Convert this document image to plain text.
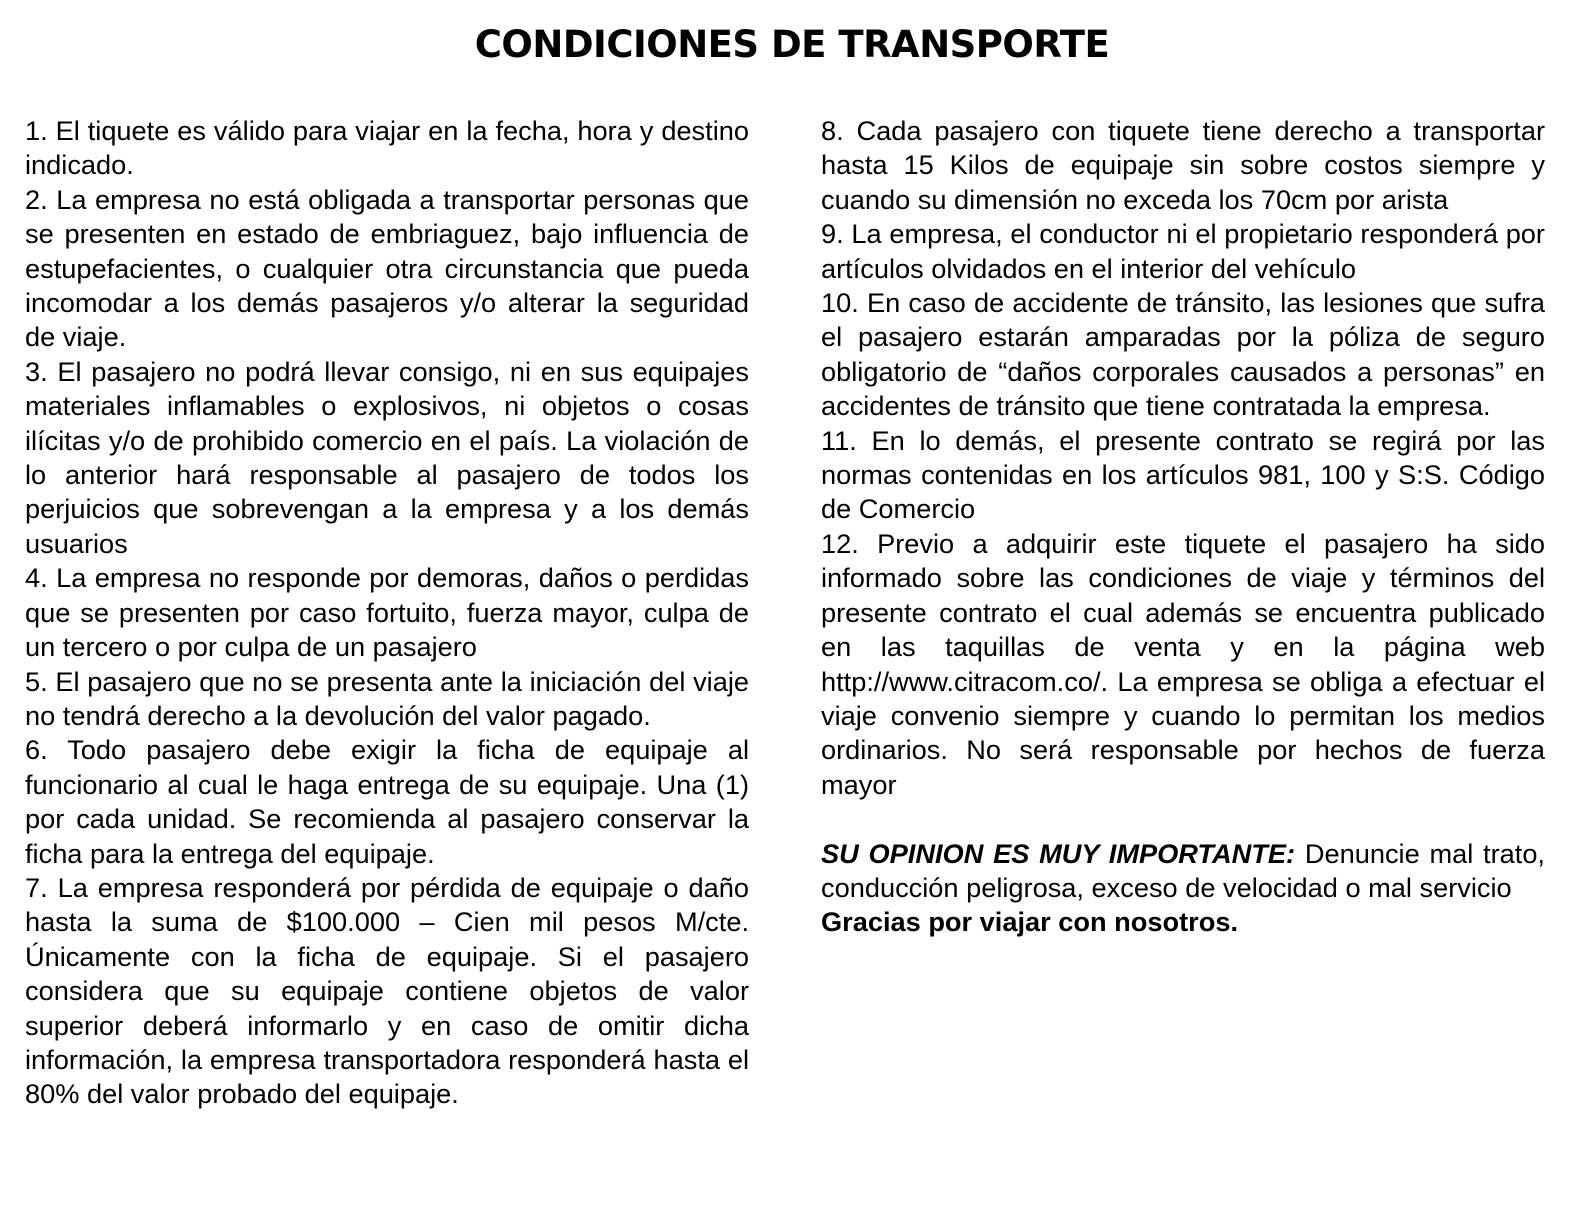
CONDICIONES DE TRANSPORTE

1. El tiquete es válido para viajar en la fecha, hora y destino indicado.

2. La empresa no está obligada a transportar personas que se presenten en estado de embriaguez, bajo influencia de estupefacientes, o cualquier otra circunstancia que pueda incomodar a los demás pasajeros y/o alterar la seguridad de viaje.

3. El pasajero no podrá llevar consigo, ni en sus equipajes materiales inflamables o explosivos, ni objetos o cosas ilícitas y/o de prohibido comercio en el país. La violación de lo anterior hará responsable al pasajero de todos los perjuicios que sobrevengan a la empresa y a los demás usuarios

4. La empresa no responde por demoras, daños o perdidas que se presenten por caso fortuito, fuerza mayor, culpa de un tercero o por culpa de un pasajero

5. El pasajero que no se presenta ante la iniciación del viaje no tendrá derecho a la devolución del valor pagado.

6. Todo pasajero debe exigir la ficha de equipaje al funcionario al cual le haga entrega de su equipaje. Una (1) por cada unidad. Se recomienda al pasajero conservar la ficha para la entrega del equipaje.

7. La empresa responderá por pérdida de equipaje o daño hasta la suma de $100.000 – Cien mil pesos M/cte. Únicamente con la ficha de equipaje. Si el pasajero considera que su equipaje contiene objetos de valor superior deberá informarlo y en caso de omitir dicha información, la empresa transportadora responderá hasta el 80% del valor probado del equipaje.

8. Cada pasajero con tiquete tiene derecho a transportar hasta 15 Kilos de equipaje sin sobre costos siempre y cuando su dimensión no exceda los 70cm por arista

9. La empresa, el conductor ni el propietario responderá por artículos olvidados en el interior del vehículo

10. En caso de accidente de tránsito, las lesiones que sufra el pasajero estarán amparadas por la póliza de seguro obligatorio de “daños corporales causados a personas” en accidentes de tránsito que tiene contratada la empresa.

11. En lo demás, el presente contrato se regirá por las normas contenidas en los artículos 981, 100 y S:S. Código de Comercio

12. Previo a adquirir este tiquete el pasajero ha sido informado sobre las condiciones de viaje y términos del presente contrato el cual además se encuentra publicado en las taquillas de venta y en la página web http://www.citracom.co/. La empresa se obliga a efectuar el viaje convenio siempre y cuando lo permitan los medios ordinarios. No será responsable por hechos de fuerza mayor

SU OPINION ES MUY IMPORTANTE: Denuncie mal trato, conducción peligrosa, exceso de velocidad o mal servicio

Gracias por viajar con nosotros.
